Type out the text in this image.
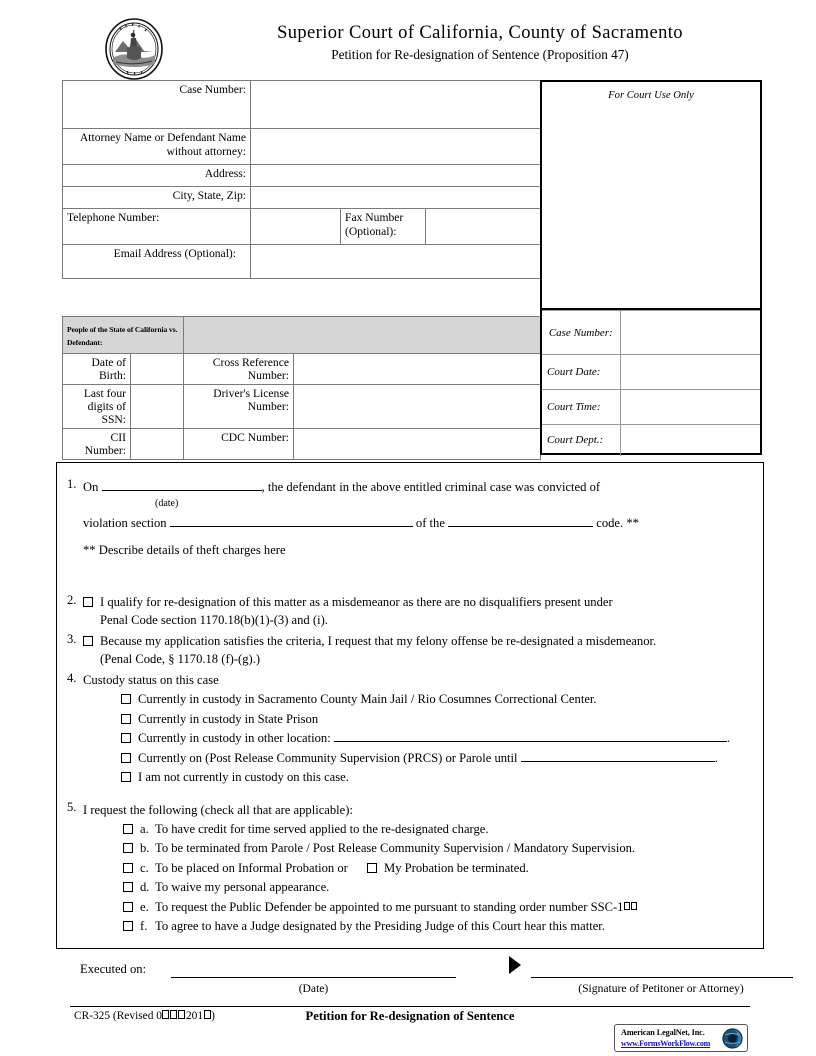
Superior Court of California, County of Sacramento
Petition for Re-designation of Sentence (Proposition 47)
Case Number:			
Attorney Name or Defendant Name without attorney:			
Address:			
City, State, Zip:			
Telephone Number:		Fax Number (Optional):	
Email Address (Optional):			
People of the State of California vs. Defendant:			
Date of Birth:		Cross Reference Number:	
Last four digits of SSN:		Driver's License Number:	
CII Number:		CDC Number:	
For Court Use Only
Case Number:	
Court Date:	
Court Time:	
Court Dept.:	
1. On	, the defendant in the above entitled criminal case was convicted of
(date)
violation section	of the	code. **
** Describe details of theft charges here
2.	I qualify for re-designation of this matter as a misdemeanor as there are no disqualifiers present under
Penal Code section 1170.18(b)(1)-(3) and (i).
3.	Because my application satisfies the criteria, I request that my felony offense be re-designated a misdemeanor.
(Penal Code, § 1170.18 (f)-(g).)
4. Custody status on this case
Currently in custody in Sacramento County Main Jail / Rio Cosumnes Correctional Center.
Currently in custody in State Prison
Currently in custody in other location:	.
Currently on (Post Release Community Supervision (PRCS) or Parole until	.
I am not currently in custody on this case.
5. I request the following (check all that are applicable):
a. To have credit for time served applied to the re-designated charge.
b. To be terminated from Parole / Post Release Community Supervision / Mandatory Supervision.
c. To be placed on Informal Probation or	My Probation be terminated.
d. To waive my personal appearance.
e. To request the Public Defender be appointed to me pursuant to standing order number SSC-1
f. To agree to have a Judge designated by the Presiding Judge of this Court hear this matter.
Executed on:
(Date)	(Signature of Petitoner or Attorney)
CR-325 (Revised 0 201 )	Petition for Re-designation of Sentence
American LegalNet, Inc.
www.FormsWorkFlow.com
